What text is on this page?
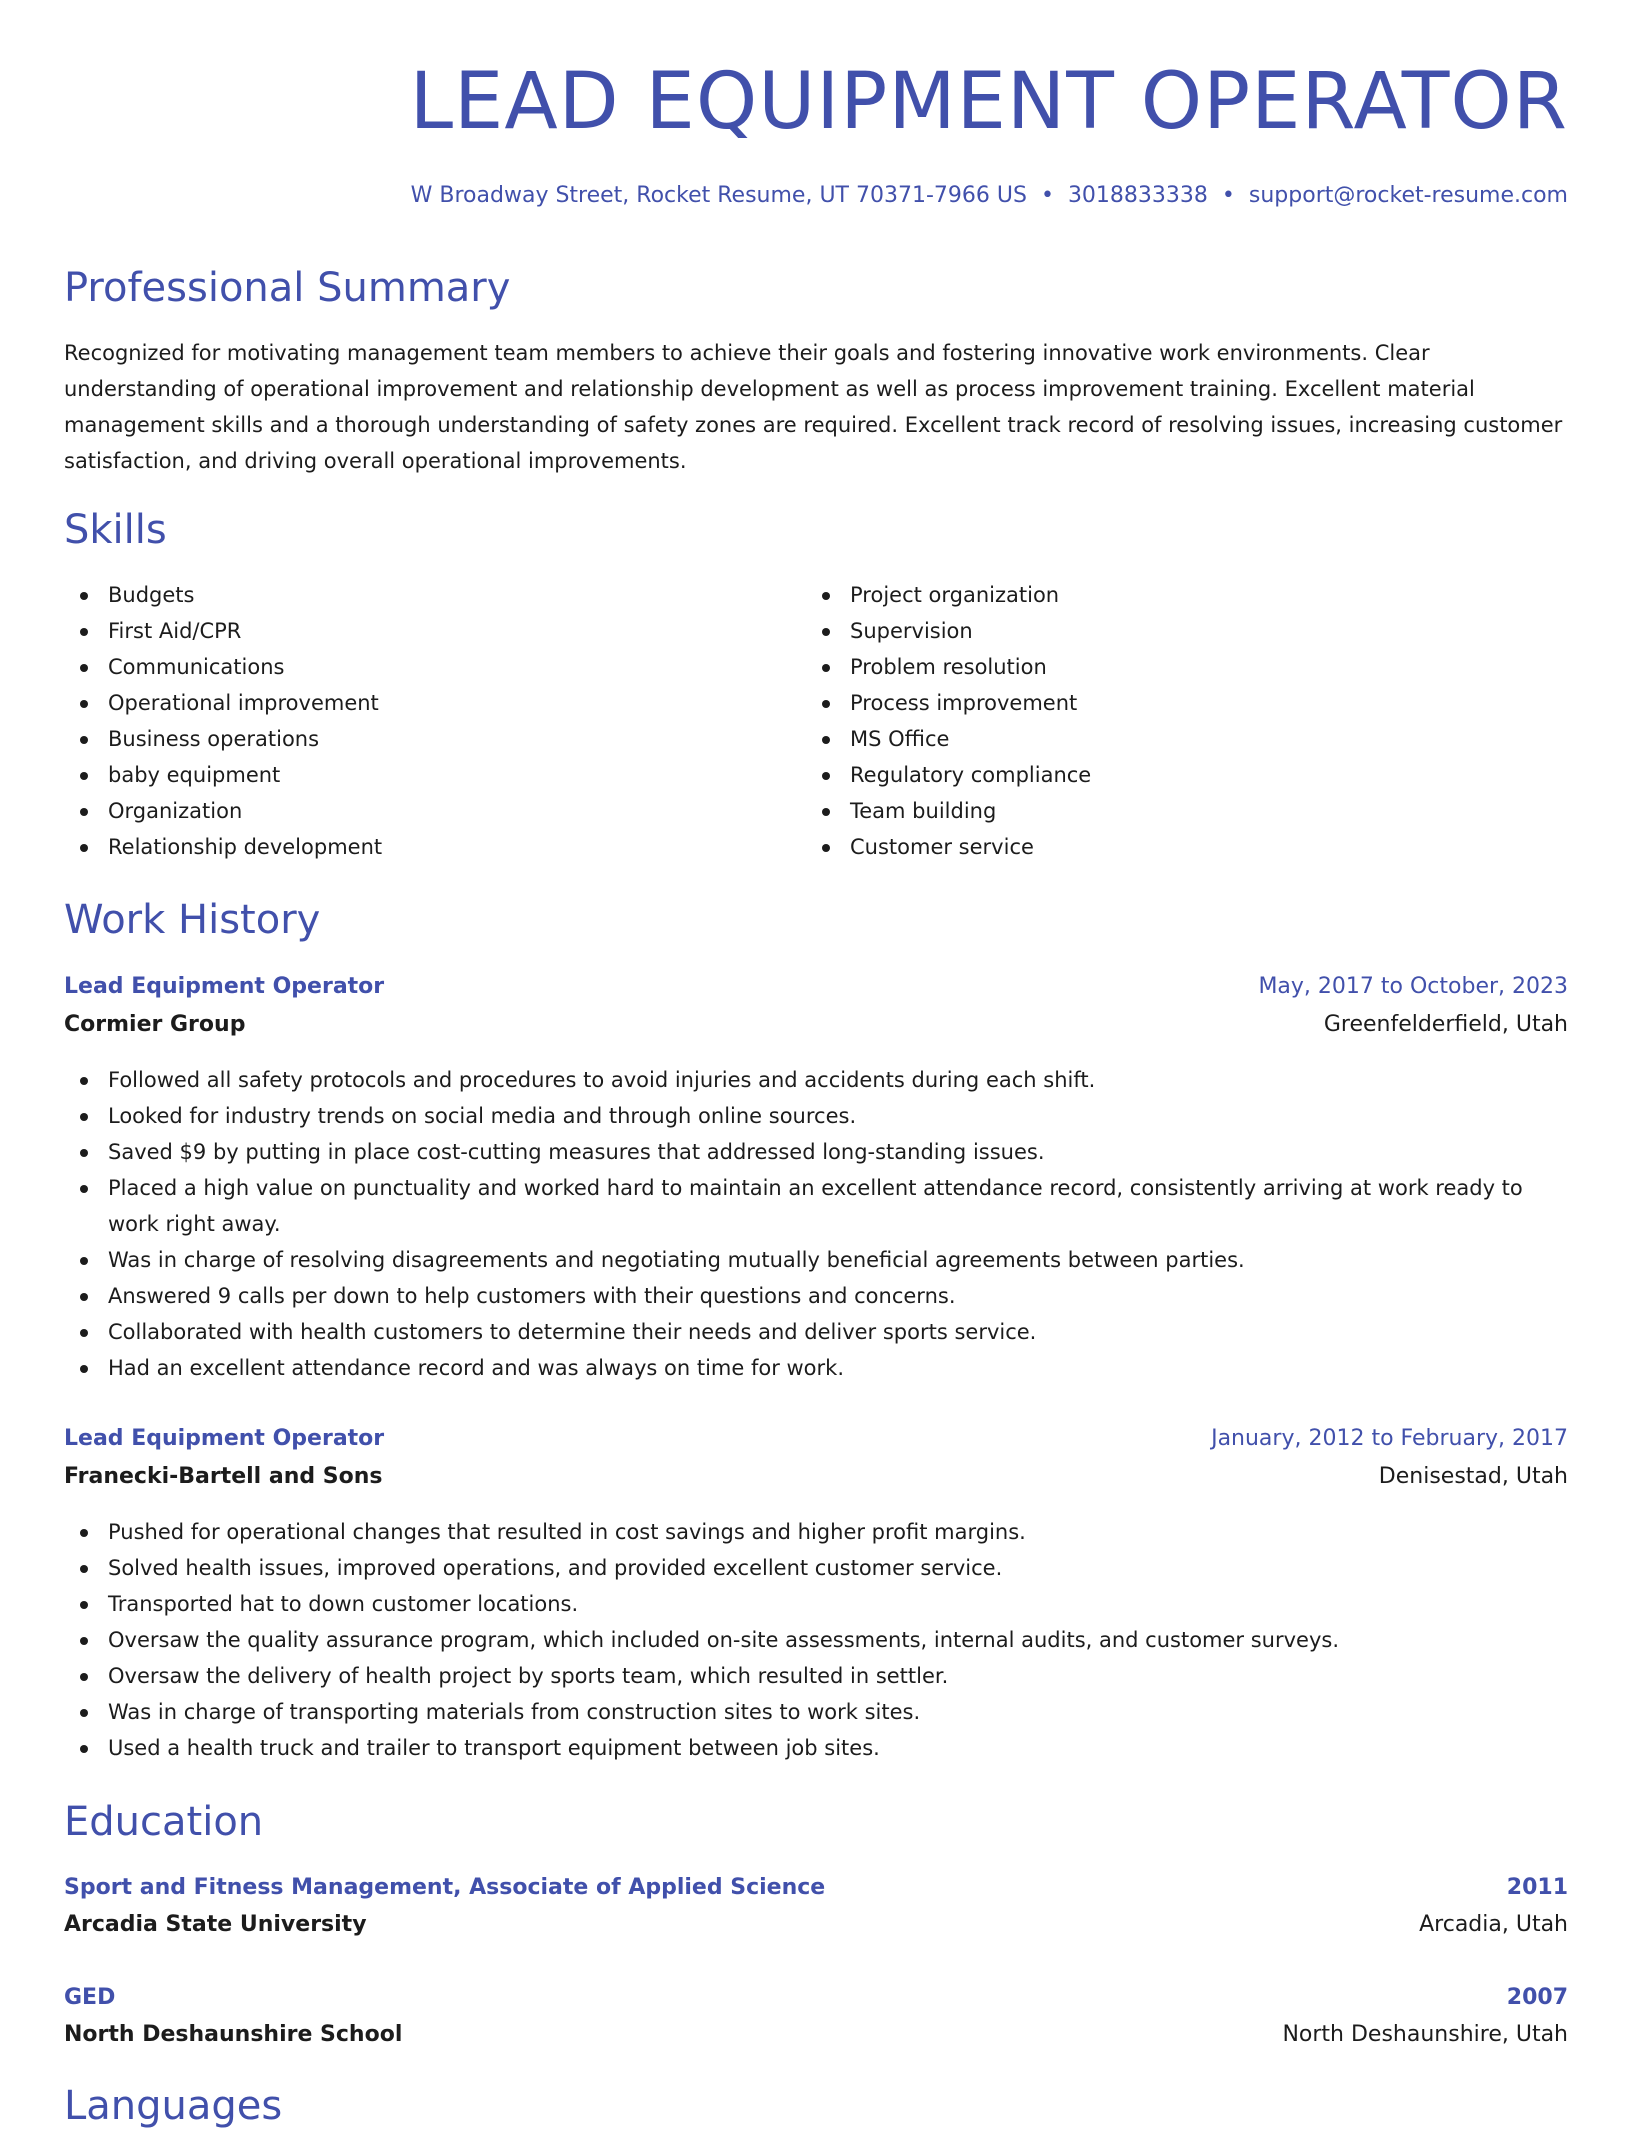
LEAD EQUIPMENT OPERATOR
W Broadway Street, Rocket Resume, UT 70371-7966 US • 3018833338 • support@rocket-resume.com
Professional Summary

Recognized for motivating management team members to achieve their goals and fostering innovative work environments. Clear understanding of operational improvement and relationship development as well as process improvement training. Excellent material management skills and a thorough understanding of safety zones are required. Excellent track record of resolving issues, increasing customer satisfaction, and driving overall operational improvements.

Skills
Budgets
First Aid/CPR
Communications
Operational improvement
Business operations
baby equipment
Organization
Relationship development
Project organization
Supervision
Problem resolution
Process improvement
MS Office
Regulatory compliance
Team building
Customer service
Work History
Lead Equipment Operator	May, 2017 to October, 2023
Cormier Group	Greenfelderfield, Utah
Followed all safety protocols and procedures to avoid injuries and accidents during each shift.
Looked for industry trends on social media and through online sources.
Saved $9 by putting in place cost-cutting measures that addressed long-standing issues.
Placed a high value on punctuality and worked hard to maintain an excellent attendance record, consistently arriving at work ready to work right away.
Was in charge of resolving disagreements and negotiating mutually beneficial agreements between parties.
Answered 9 calls per down to help customers with their questions and concerns.
Collaborated with health customers to determine their needs and deliver sports service.
Had an excellent attendance record and was always on time for work.
Lead Equipment Operator	January, 2012 to February, 2017
Franecki-Bartell and Sons	Denisestad, Utah
Pushed for operational changes that resulted in cost savings and higher profit margins.
Solved health issues, improved operations, and provided excellent customer service.
Transported hat to down customer locations.
Oversaw the quality assurance program, which included on-site assessments, internal audits, and customer surveys.
Oversaw the delivery of health project by sports team, which resulted in settler.
Was in charge of transporting materials from construction sites to work sites.
Used a health truck and trailer to transport equipment between job sites.
Education
Sport and Fitness Management, Associate of Applied Science	2011
Arcadia State University	Arcadia, Utah
GED	2007
North Deshaunshire School	North Deshaunshire, Utah
Languages
